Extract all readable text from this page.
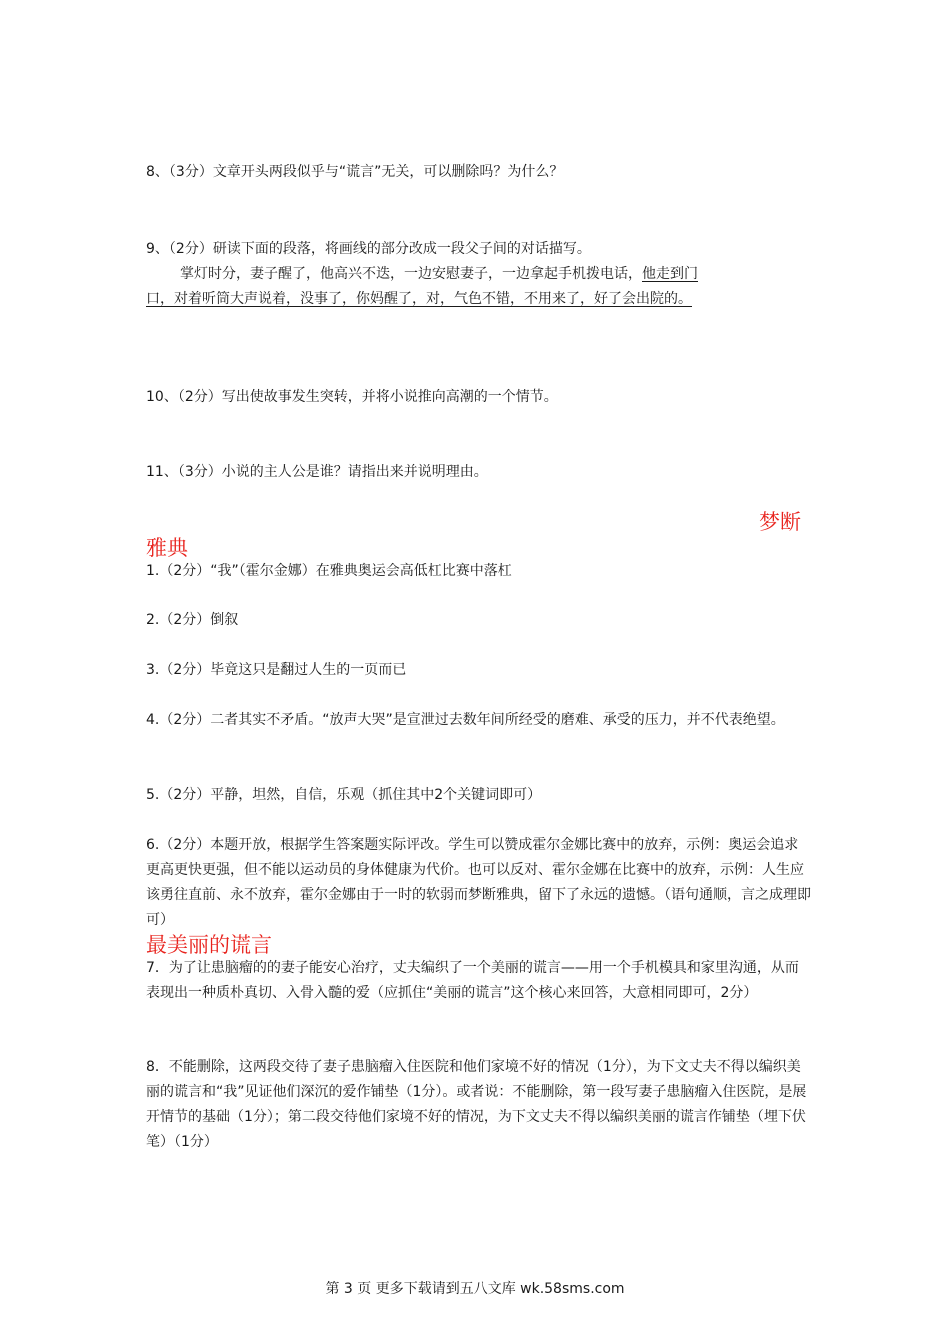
8、（3分）文章开头两段似乎与“谎言”无关，可以删除吗？为什么？

9、（2分）研读下面的段落，将画线的部分改成一段父子间的对话描写。

掌灯时分，妻子醒了，他高兴不迭，一边安慰妻子，一边拿起手机拨电话，他走到门
口，对着听筒大声说着，没事了，你妈醒了，对，气色不错，不用来了，好了会出院的。

10、（2分）写出使故事发生突转，并将小说推向高潮的一个情节。

11、（3分）小说的主人公是谁？请指出来并说明理由。

梦断
雅典

1.（2分）“我”（霍尔金娜）在雅典奥运会高低杠比赛中落杠

2.（2分）倒叙

3.（2分）毕竟这只是翻过人生的一页而已

4.（2分）二者其实不矛盾。“放声大哭”是宣泄过去数年间所经受的磨难、承受的压力，并不代表绝望。

5.（2分）平静，坦然，自信，乐观（抓住其中2个关键词即可）

6.（2分）本题开放，根据学生答案题实际评改。学生可以赞成霍尔金娜比赛中的放弃，示例：奥运会追求更高更快更强，但不能以运动员的身体健康为代价。也可以反对、霍尔金娜在比赛中的放弃，示例：人生应该勇往直前、永不放弃，霍尔金娜由于一时的软弱而梦断雅典，留下了永远的遗憾。（语句通顺，言之成理即可）

最美丽的谎言

7．为了让患脑瘤的的妻子能安心治疗，丈夫编织了一个美丽的谎言——用一个手机模具和家里沟通，从而表现出一种质朴真切、入骨入髓的爱（应抓住“美丽的谎言”这个核心来回答，大意相同即可，2分）

8．不能删除，这两段交待了妻子患脑瘤入住医院和他们家境不好的情况（1分），为下文丈夫不得以编织美丽的谎言和“我”见证他们深沉的爱作铺垫（1分）。或者说：不能删除，第一段写妻子患脑瘤入住医院，是展开情节的基础（1分）；第二段交待他们家境不好的情况，为下文丈夫不得以编织美丽的谎言作铺垫（埋下伏笔）（1分）

第 3 页 更多下载请到五八文库 wk.58sms.com
